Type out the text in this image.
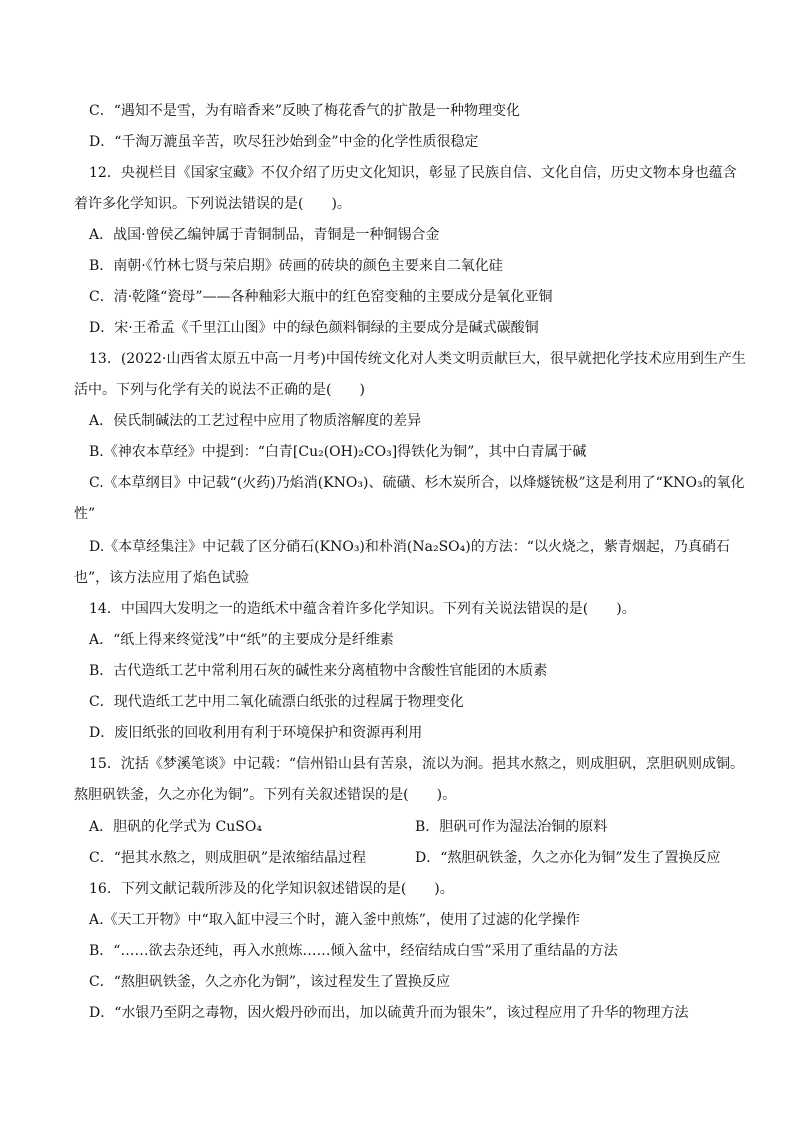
C．“遇知不是雪，为有暗香来”反映了梅花香气的扩散是一种物理变化
D．“千淘万漉虽辛苦，吹尽狂沙始到金”中金的化学性质很稳定
12．央视栏目《国家宝藏》不仅介绍了历史文化知识，彰显了民族自信、文化自信，历史文物本身也蕴含
着许多化学知识。下列说法错误的是(　　)。
A．战国·曾侯乙编钟属于青铜制品，青铜是一种铜锡合金
B．南朝·《竹林七贤与荣启期》砖画的砖块的颜色主要来自二氧化硅
C．清·乾隆“瓷母”——各种釉彩大瓶中的红色窑变釉的主要成分是氧化亚铜
D．宋·王希孟《千里江山图》中的绿色颜料铜绿的主要成分是碱式碳酸铜
13．(2022·山西省太原五中高一月考)中国传统文化对人类文明贡献巨大，很早就把化学技术应用到生产生
活中。下列与化学有关的说法不正确的是(　　)
A．侯氏制碱法的工艺过程中应用了物质溶解度的差异
B.《神农本草经》中提到：“白青[Cu₂(OH)₂CO₃]得铁化为铜”，其中白青属于碱
C.《本草纲目》中记载“(火药)乃焰消(KNO₃)、硫磺、杉木炭所合，以烽燧铳极”这是利用了“KNO₃的氧化
性”
D.《本草经集注》中记载了区分硝石(KNO₃)和朴消(Na₂SO₄)的方法：“以火烧之，紫青烟起，乃真硝石
也”，该方法应用了焰色试验
14．中国四大发明之一的造纸术中蕴含着许多化学知识。下列有关说法错误的是(　　)。
A．“纸上得来终觉浅”中“纸”的主要成分是纤维素
B．古代造纸工艺中常利用石灰的碱性来分离植物中含酸性官能团的木质素
C．现代造纸工艺中用二氧化硫漂白纸张的过程属于物理变化
D．废旧纸张的回收利用有利于环境保护和资源再利用
15．沈括《梦溪笔谈》中记载：“信州铅山县有苦泉，流以为涧。挹其水熬之，则成胆矾，烹胆矾则成铜。
熬胆矾铁釜，久之亦化为铜”。下列有关叙述错误的是(　　)。
A．胆矾的化学式为 CuSO₄	B．胆矾可作为湿法冶铜的原料
C．“挹其水熬之，则成胆矾”是浓缩结晶过程	D．“熬胆矾铁釜，久之亦化为铜”发生了置换反应
16．下列文献记载所涉及的化学知识叙述错误的是(　　)。
A.《天工开物》中“取入缸中浸三个时，漉入釜中煎炼”，使用了过滤的化学操作
B．“……欲去杂还纯，再入水煎炼……倾入盆中，经宿结成白雪”采用了重结晶的方法
C．“熬胆矾铁釜，久之亦化为铜”，该过程发生了置换反应
D．“水银乃至阴之毒物，因火煅丹砂而出，加以硫黄升而为银朱”，该过程应用了升华的物理方法
